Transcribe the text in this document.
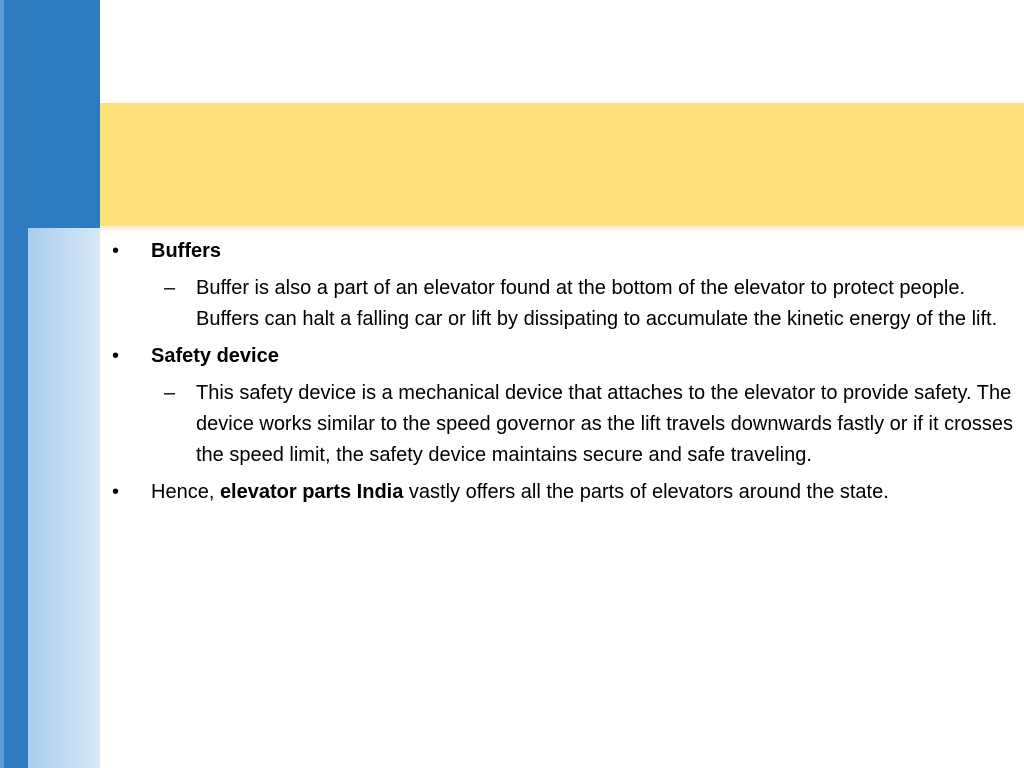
• Buffers
– Buffer is also a part of an elevator found at the bottom of the elevator to protect people. Buffers can halt a falling car or lift by dissipating to accumulate the kinetic energy of the lift.
• Safety device
– This safety device is a mechanical device that attaches to the elevator to provide safety. The device works similar to the speed governor as the lift travels downwards fastly or if it crosses the speed limit, the safety device maintains secure and safe traveling.
• Hence, elevator parts India vastly offers all the parts of elevators around the state.
